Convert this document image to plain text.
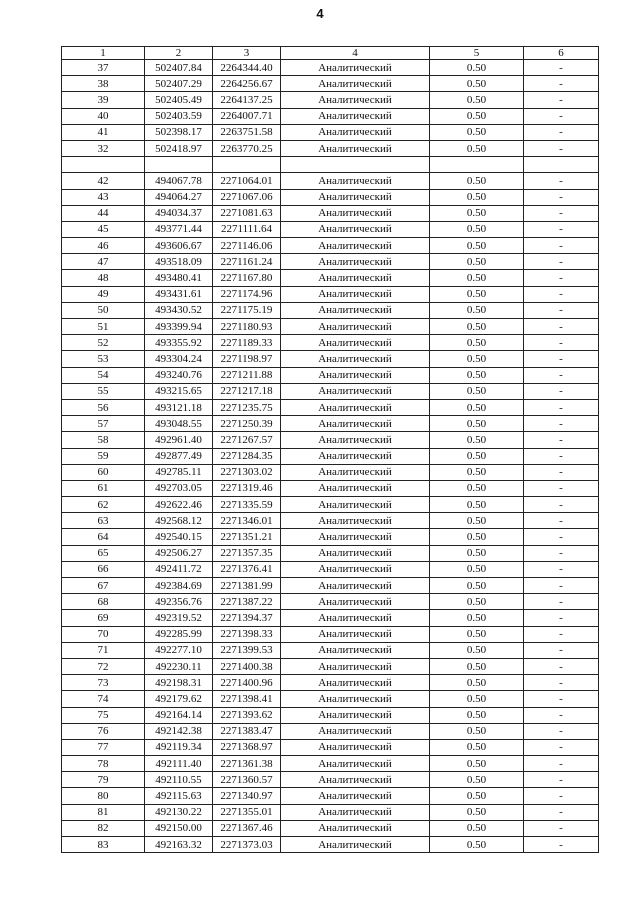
4
1	2	3	4	5	6
37	502407.84	2264344.40	Аналитический	0.50	-
38	502407.29	2264256.67	Аналитический	0.50	-
39	502405.49	2264137.25	Аналитический	0.50	-
40	502403.59	2264007.71	Аналитический	0.50	-
41	502398.17	2263751.58	Аналитический	0.50	-
32	502418.97	2263770.25	Аналитический	0.50	-

42	494067.78	2271064.01	Аналитический	0.50	-
43	494064.27	2271067.06	Аналитический	0.50	-
44	494034.37	2271081.63	Аналитический	0.50	-
45	493771.44	2271111.64	Аналитический	0.50	-
46	493606.67	2271146.06	Аналитический	0.50	-
47	493518.09	2271161.24	Аналитический	0.50	-
48	493480.41	2271167.80	Аналитический	0.50	-
49	493431.61	2271174.96	Аналитический	0.50	-
50	493430.52	2271175.19	Аналитический	0.50	-
51	493399.94	2271180.93	Аналитический	0.50	-
52	493355.92	2271189.33	Аналитический	0.50	-
53	493304.24	2271198.97	Аналитический	0.50	-
54	493240.76	2271211.88	Аналитический	0.50	-
55	493215.65	2271217.18	Аналитический	0.50	-
56	493121.18	2271235.75	Аналитический	0.50	-
57	493048.55	2271250.39	Аналитический	0.50	-
58	492961.40	2271267.57	Аналитический	0.50	-
59	492877.49	2271284.35	Аналитический	0.50	-
60	492785.11	2271303.02	Аналитический	0.50	-
61	492703.05	2271319.46	Аналитический	0.50	-
62	492622.46	2271335.59	Аналитический	0.50	-
63	492568.12	2271346.01	Аналитический	0.50	-
64	492540.15	2271351.21	Аналитический	0.50	-
65	492506.27	2271357.35	Аналитический	0.50	-
66	492411.72	2271376.41	Аналитический	0.50	-
67	492384.69	2271381.99	Аналитический	0.50	-
68	492356.76	2271387.22	Аналитический	0.50	-
69	492319.52	2271394.37	Аналитический	0.50	-
70	492285.99	2271398.33	Аналитический	0.50	-
71	492277.10	2271399.53	Аналитический	0.50	-
72	492230.11	2271400.38	Аналитический	0.50	-
73	492198.31	2271400.96	Аналитический	0.50	-
74	492179.62	2271398.41	Аналитический	0.50	-
75	492164.14	2271393.62	Аналитический	0.50	-
76	492142.38	2271383.47	Аналитический	0.50	-
77	492119.34	2271368.97	Аналитический	0.50	-
78	492111.40	2271361.38	Аналитический	0.50	-
79	492110.55	2271360.57	Аналитический	0.50	-
80	492115.63	2271340.97	Аналитический	0.50	-
81	492130.22	2271355.01	Аналитический	0.50	-
82	492150.00	2271367.46	Аналитический	0.50	-
83	492163.32	2271373.03	Аналитический	0.50	-
